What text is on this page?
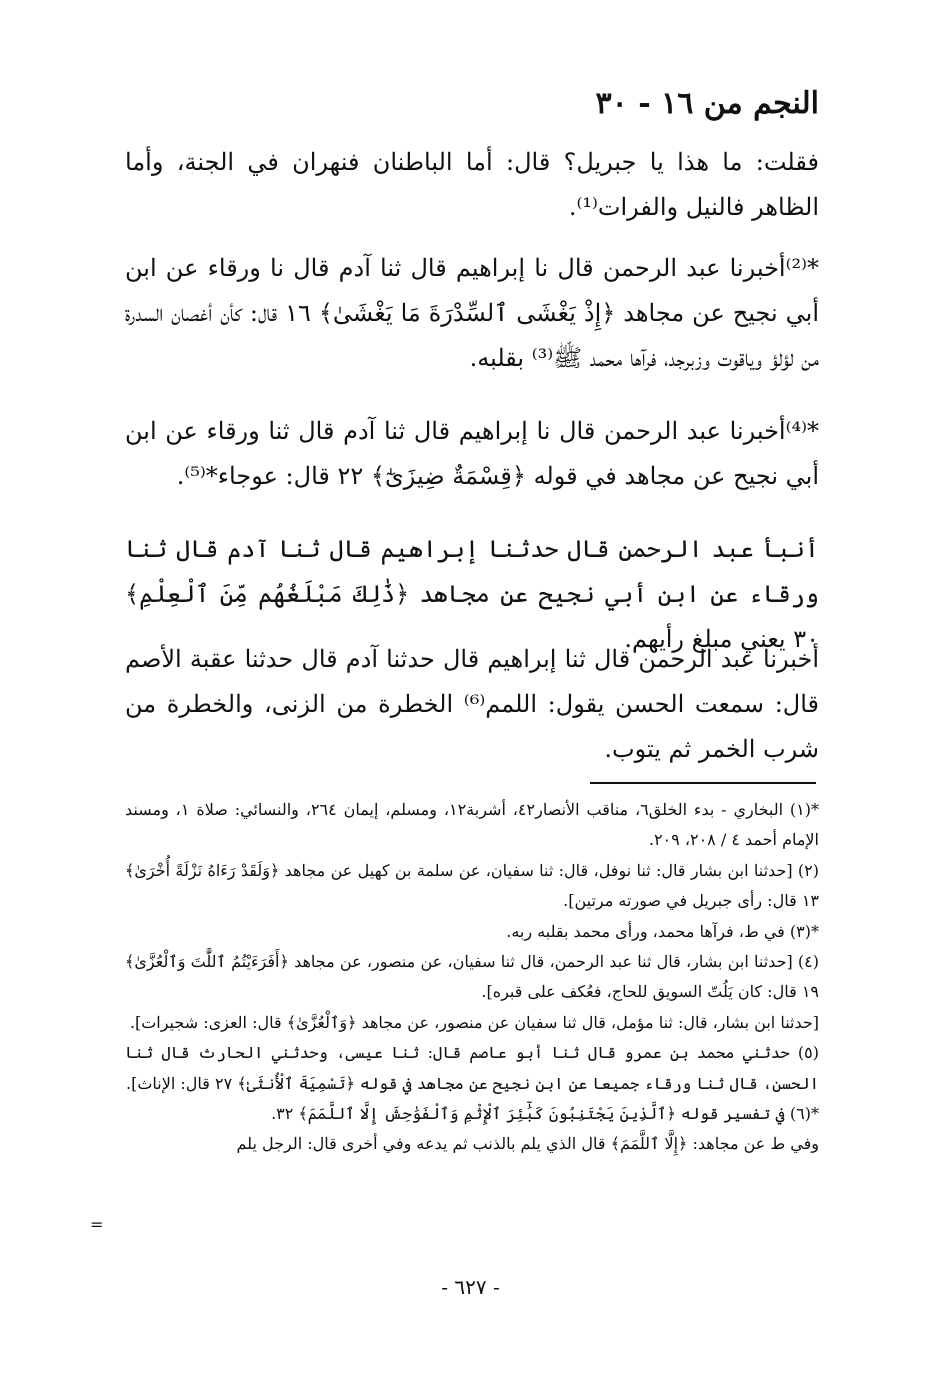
النجم من ١٦ - ٣٠
فقلت: ما هذا يا جبريل؟ قال: أما الباطنان فنهران في الجنة، وأما الظاهر فالنيل والفرات⁽¹⁾.
*⁽²⁾أخبرنا عبد الرحمن قال نا إبراهيم قال ثنا آدم قال نا ورقاء عن ابن أبي نجيح عن مجاهد ﴿إِذْ يَغْشَى ٱلسِّدْرَةَ مَا يَغْشَىٰ﴾ ١٦ قال: كأن أغصان السدرة من لؤلؤ وياقوت وزبرجد، فرآها محمد ﷺ⁽³⁾ بقلبه.
*⁽⁴⁾أخبرنا عبد الرحمن قال نا إبراهيم قال ثنا آدم قال ثنا ورقاء عن ابن أبي نجيح عن مجاهد في قوله ﴿قِسْمَةٌ ضِيزَىٰٓ﴾ ٢٢ قال: عوجاء*⁽⁵⁾.
أنبأ عبد الرحمن قال حدثنا إبراهيم قال ثنا آدم قال ثنا ورقاء عن ابن أبي نجيح عن مجاهد ﴿ذَٰلِكَ مَبْلَغُهُم مِّنَ ٱلْعِلْمِ﴾ ٣٠ يعني مبلغ رأيهم.
أخبرنا عبد الرحمن قال ثنا إبراهيم قال حدثنا آدم قال حدثنا عقبة الأصم قال: سمعت الحسن يقول: اللمم⁽⁶⁾ الخطرة من الزنى، والخطرة من شرب الخمر ثم يتوب.
*(١) البخاري - بدء الخلق٦، مناقب الأنصار٤٢، أشربة١٢، ومسلم، إيمان ٢٦٤، والنسائي: صلاة ١، ومسند الإمام أحمد ٤ / ٢٠٨، ٢٠٩.
(٢) [حدثنا ابن بشار قال: ثنا نوفل، قال: ثنا سفيان، عن سلمة بن كهيل عن مجاهد ﴿وَلَقَدْ رَءَاهُ نَزْلَةً أُخْرَىٰ﴾ ١٣ قال: رأى جبريل في صورته مرتين].
*(٣) في ط، فرآها محمد، ورأى محمد بقلبه ربه.
(٤) [حدثنا ابن بشار، قال ثنا عبد الرحمن، قال ثنا سفيان، عن منصور، عن مجاهد ﴿أَفَرَءَيْتُمُ ٱللَّٰتَ وَٱلْعُزَّىٰ﴾ ١٩ قال: كان يَلُتّ السويق للحاج، فعُكف على قبره].
[حدثنا ابن بشار، قال: ثنا مؤمل، قال ثنا سفيان عن منصور، عن مجاهد ﴿وَٱلْعُزَّىٰ﴾ قال: العزى: شجيرات].
(٥) حدثني محمد بن عمرو قال ثنا أبو عاصم قال: ثنا عيسى، وحدثني الحارث قال ثنا الحسن، قال ثنا ورقاء جميعا عن ابن نجيح عن مجاهد في قوله ﴿تَسْمِيَةَ ٱلْأُنثَىٰ﴾ ٢٧ قال: الإناث].
*(٦) في تفسير قوله ﴿ٱلَّذِينَ يَجْتَنِبُونَ كَبَٰٓئِرَ ٱلْإِثْمِ وَٱلْفَوَٰحِشَ إِلَّا ٱللَّمَمَ﴾ ٣٢.
وفي ط عن مجاهد: ﴿إِلَّا ٱللَّمَمَ﴾ قال الذي يلم بالذنب ثم يدعه وفي أخرى قال: الرجل يلم
=
- ٦٢٧ -
